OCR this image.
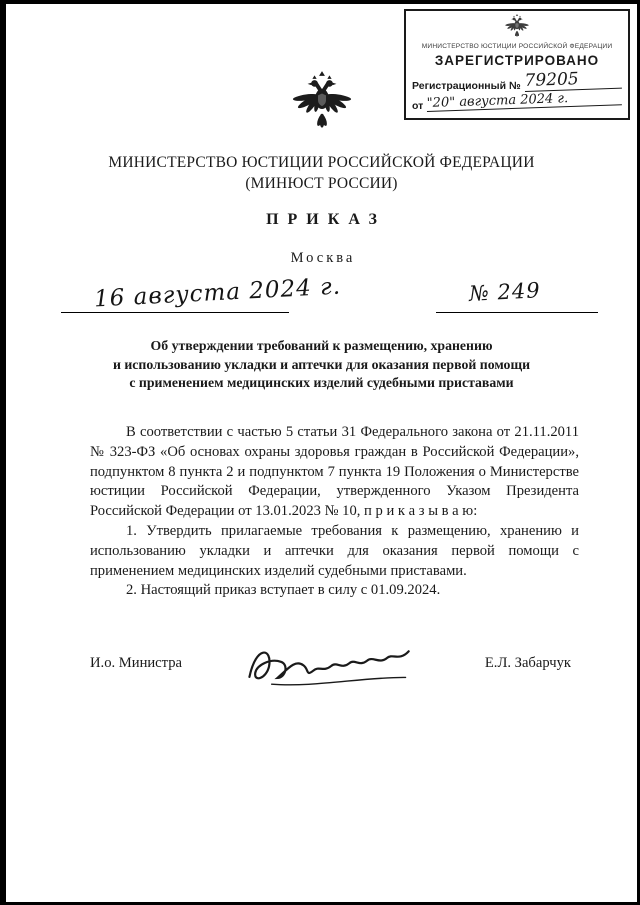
МИНИСТЕРСТВО ЮСТИЦИИ РОССИЙСКОЙ ФЕДЕРАЦИИ
ЗАРЕГИСТРИРОВАНО
Регистрационный № 79205
от "20" августа 2024 г.
МИНИСТЕРСТВО ЮСТИЦИИ РОССИЙСКОЙ ФЕДЕРАЦИИ
(МИНЮСТ РОССИИ)
ПРИКАЗ
Москва
16 августа 2024 г.	№ 249
Об утверждении требований к размещению, хранению
и использованию укладки и аптечки для оказания первой помощи
с применением медицинских изделий судебными приставами

В соответствии с частью 5 статьи 31 Федерального закона от 21.11.2011 № 323-ФЗ «Об основах охраны здоровья граждан в Российской Федерации», подпунктом 8 пункта 2 и подпунктом 7 пункта 19 Положения о Министерстве юстиции Российской Федерации, утвержденного Указом Президента Российской Федерации от 13.01.2023 № 10, п р и к а з ы в а ю:

1. Утвердить прилагаемые требования к размещению, хранению и использованию укладки и аптечки для оказания первой помощи с применением медицинских изделий судебными приставами.

2. Настоящий приказ вступает в силу с 01.09.2024.

И.о. Министра	Е.Л. Забарчук
